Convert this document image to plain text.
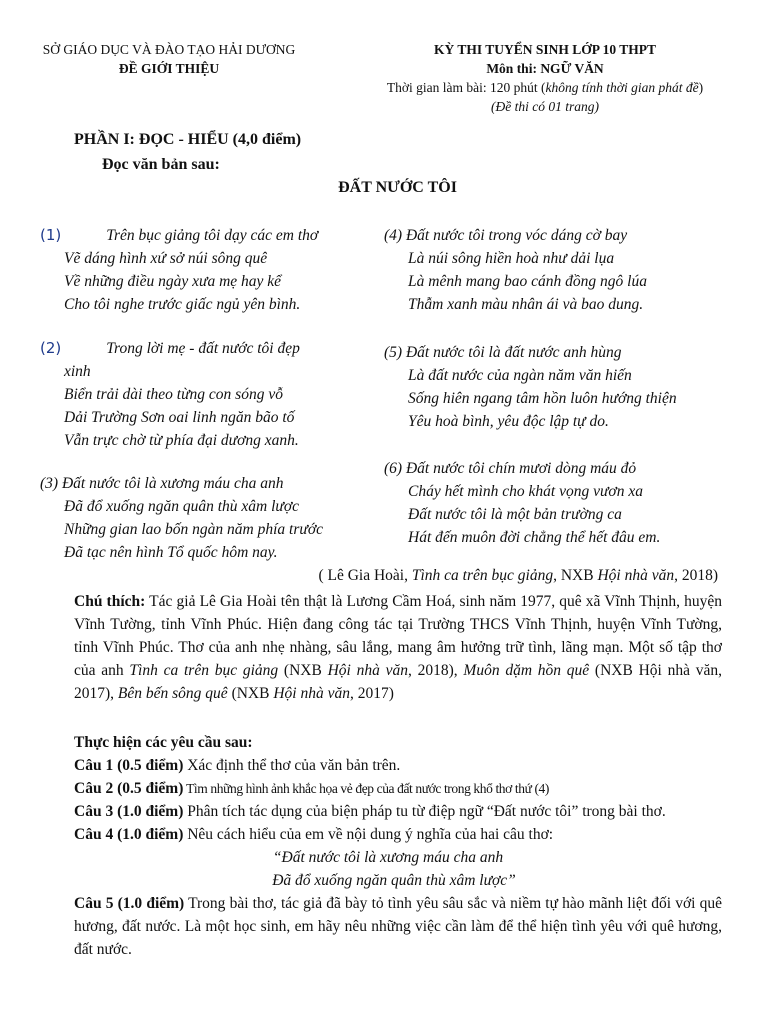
SỞ GIÁO DỤC VÀ ĐÀO TẠO HẢI DƯƠNG
ĐỀ GIỚI THIỆU
KỲ THI TUYỂN SINH LỚP 10 THPT
Môn thi: NGỮ VĂN
Thời gian làm bài: 120 phút (không tính thời gian phát đề)
(Đề thi có 01 trang)
PHẦN I: ĐỌC - HIỂU (4,0 điểm)
Đọc văn bản sau:
ĐẤT NƯỚC TÔI
(1)	Trên bục giảng tôi dạy các em thơ
Vẽ dáng hình xứ sở núi sông quê
Về những điều ngày xưa mẹ hay kể
Cho tôi nghe trước giấc ngủ yên bình.
(2)	Trong lời mẹ - đất nước tôi đẹp
xinh
Biển trải dài theo từng con sóng vỗ
Dải Trường Sơn oai linh ngăn bão tố
Vẫn trực chờ từ phía đại dương xanh.
(3) Đất nước tôi là xương máu cha anh
Đã đổ xuống ngăn quân thù xâm lược
Những gian lao bốn ngàn năm phía trước
Đã tạc nên hình Tổ quốc hôm nay.
(4) Đất nước tôi trong vóc dáng cờ bay
Là núi sông hiền hoà như dải lụa
Là mênh mang bao cánh đồng ngô lúa
Thẫm xanh màu nhân ái và bao dung.
(5) Đất nước tôi là đất nước anh hùng
Là đất nước của ngàn năm văn hiến
Sống hiên ngang tâm hồn luôn hướng thiện
Yêu hoà bình, yêu độc lập tự do.
(6) Đất nước tôi chín mươi dòng máu đỏ
Cháy hết mình cho khát vọng vươn xa
Đất nước tôi là một bản trường ca
Hát đến muôn đời chẳng thể hết đâu em.
( Lê Gia Hoài, Tình ca trên bục giảng, NXB Hội nhà văn, 2018)
Chú thích: Tác giả Lê Gia Hoài tên thật là Lương Cầm Hoá, sinh năm 1977, quê xã Vĩnh Thịnh, huyện Vĩnh Tường, tỉnh Vĩnh Phúc. Hiện đang công tác tại Trường THCS Vĩnh Thịnh, huyện Vĩnh Tường, tỉnh Vĩnh Phúc. Thơ của anh nhẹ nhàng, sâu lắng, mang âm hưởng trữ tình, lãng mạn. Một số tập thơ của anh Tình ca trên bục giảng (NXB Hội nhà văn, 2018), Muôn dặm hồn quê (NXB Hội nhà văn, 2017), Bên bến sông quê (NXB Hội nhà văn, 2017)
Thực hiện các yêu cầu sau:
Câu 1 (0.5 điểm) Xác định thể thơ của văn bản trên.
Câu 2 (0.5 điểm) Tìm những hình ảnh khắc họa vẻ đẹp của đất nước trong khổ thơ thứ (4)
Câu 3 (1.0 điểm) Phân tích tác dụng của biện pháp tu từ điệp ngữ “Đất nước tôi” trong bài thơ.
Câu 4 (1.0 điểm) Nêu cách hiểu của em về nội dung ý nghĩa của hai câu thơ:
“Đất nước tôi là xương máu cha anh
Đã đổ xuống ngăn quân thù xâm lược”
Câu 5 (1.0 điểm) Trong bài thơ, tác giả đã bày tỏ tình yêu sâu sắc và niềm tự hào mãnh liệt đối với quê hương, đất nước. Là một học sinh, em hãy nêu những việc cần làm để thể hiện tình yêu với quê hương, đất nước.
